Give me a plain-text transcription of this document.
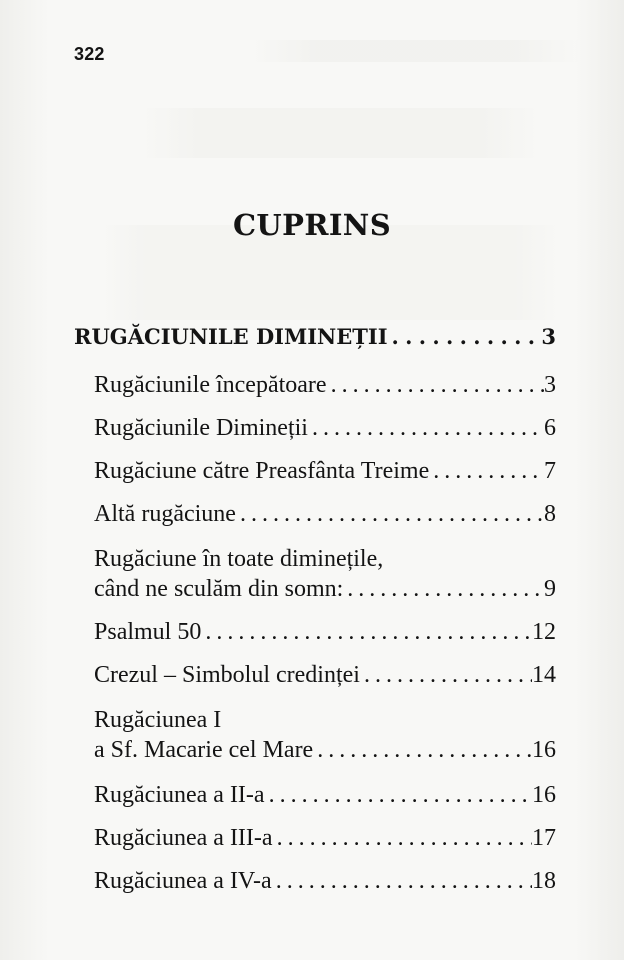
322
CUPRINS
RUGĂCIUNILE DIMINEȚII . . .	3
Rugăciunile începătoare . . .	3
Rugăciunile Dimineții . . .	6
Rugăciune către Preasfânta Treime . . .	7
Altă rugăciune . . .	8
Rugăciune în toate diminețile,
când ne sculăm din somn: . . .	9
Psalmul 50 . . .	12
Crezul – Simbolul credinței . . .	14
Rugăciunea I
a Sf. Macarie cel Mare . . .	16
Rugăciunea a II-a . . .	16
Rugăciunea a III-a . . .	17
Rugăciunea a IV-a . . .	18
